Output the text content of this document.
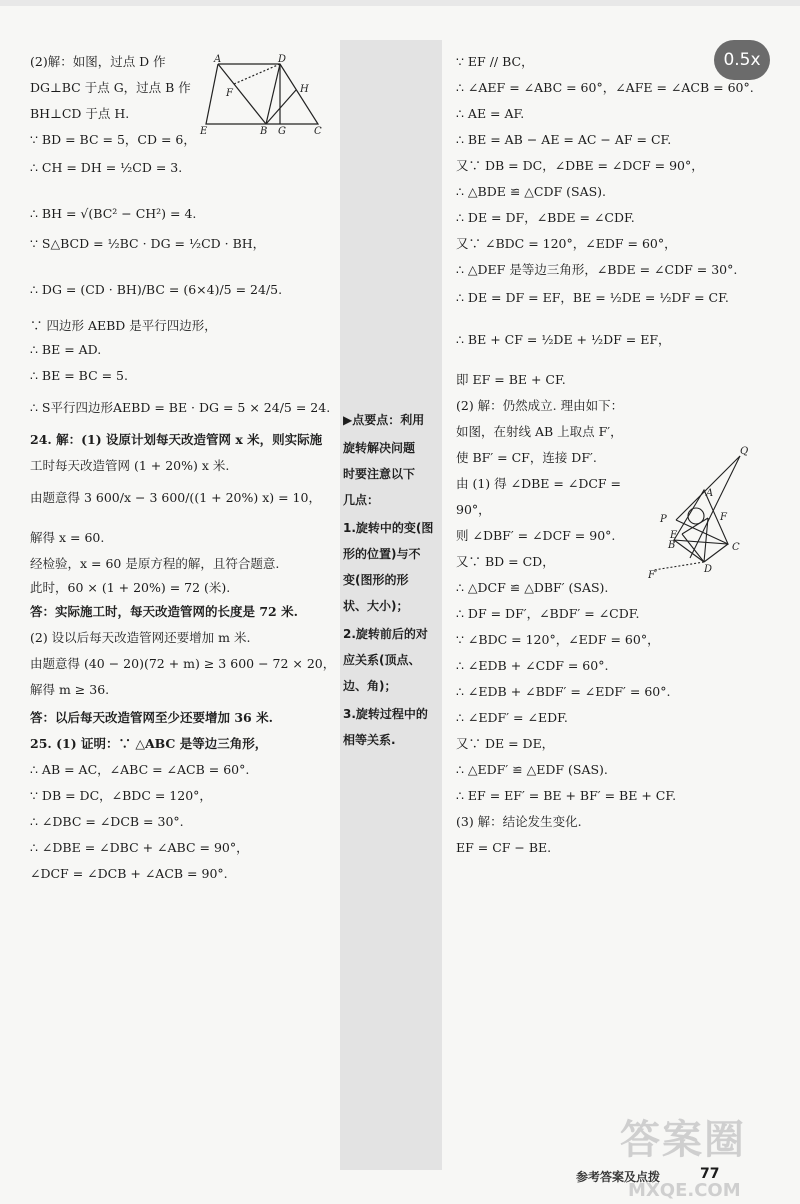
(2)解：如图，过点 D 作
DG⊥BC 于点 G，过点 B 作
BH⊥CD 于点 H.
∵ BD = BC = 5，CD = 6，
∴ CH = DH = ½CD = 3.
∴ BH = √(BC² − CH²) = 4.
∵ S△BCD = ½BC · DG = ½CD · BH，
∴ DG = (CD · BH)/BC = (6×4)/5 = 24/5.
∵ 四边形 AEBD 是平行四边形，
∴ BE = AD.
∴ BE = BC = 5.
∴ S平行四边形AEBD = BE · DG = 5 × 24/5 = 24.
24. 解：(1) 设原计划每天改造管网 x 米，则实际施
工时每天改造管网 (1 + 20%) x 米.
由题意得 3 600/x − 3 600/((1 + 20%) x) = 10，
解得 x = 60.
经检验，x = 60 是原方程的解，且符合题意.
此时，60 × (1 + 20%) = 72 (米).
答：实际施工时，每天改造管网的长度是 72 米.
(2) 设以后每天改造管网还要增加 m 米.
由题意得 (40 − 20)(72 + m) ≥ 3 600 − 72 × 20，
解得 m ≥ 36.
答：以后每天改造管网至少还要增加 36 米.
25. (1) 证明：∵ △ABC 是等边三角形，
∴ AB = AC，∠ABC = ∠ACB = 60°.
∵ DB = DC，∠BDC = 120°，
∴ ∠DBC = ∠DCB = 30°.
∴ ∠DBE = ∠DBC + ∠ABC = 90°，
∠DCF = ∠DCB + ∠ACB = 90°.
▶点要点：利用
旋转解决问题
时要注意以下
几点：
1.旋转中的变(图
形的位置)与不
变(图形的形
状、大小)；
2.旋转前后的对
应关系(顶点、
边、角)；
3.旋转过程中的
相等关系.
∵ EF // BC，
∴ ∠AEF = ∠ABC = 60°，∠AFE = ∠ACB = 60°.
∴ AE = AF.
∴ BE = AB − AE = AC − AF = CF.
又∵ DB = DC，∠DBE = ∠DCF = 90°，
∴ △BDE ≌ △CDF (SAS).
∴ DE = DF，∠BDE = ∠CDF.
又∵ ∠BDC = 120°，∠EDF = 60°，
∴ △DEF 是等边三角形，∠BDE = ∠CDF = 30°.
∴ DE = DF = EF，BE = ½DE = ½DF = CF.
∴ BE + CF = ½DE + ½DF = EF，
即 EF = BE + CF.
(2) 解：仍然成立. 理由如下：
如图，在射线 AB 上取点 F′，
使 BF′ = CF，连接 DF′.
由 (1) 得 ∠DBE = ∠DCF =
90°，
则 ∠DBF′ = ∠DCF = 90°.
又∵ BD = CD，
∴ △DCF ≌ △DBF′ (SAS).
∴ DF = DF′，∠BDF′ = ∠CDF.
∵ ∠BDC = 120°，∠EDF = 60°，
∴ ∠EDB + ∠CDF = 60°.
∴ ∠EDB + ∠BDF′ = ∠EDF′ = 60°.
∴ ∠EDF′ = ∠EDF.
又∵ DE = DE，
∴ △EDF′ ≌ △EDF (SAS).
∴ EF = EF′ = BE + BF′ = BE + CF.
(3) 解：结论发生变化.
EF = CF − BE.
A	D
F	H
E	B G	C
Q
A
P	F
E
B	C
D
F′
0.5x
答案圈
MXQE.COM
参考答案及点拨	77
